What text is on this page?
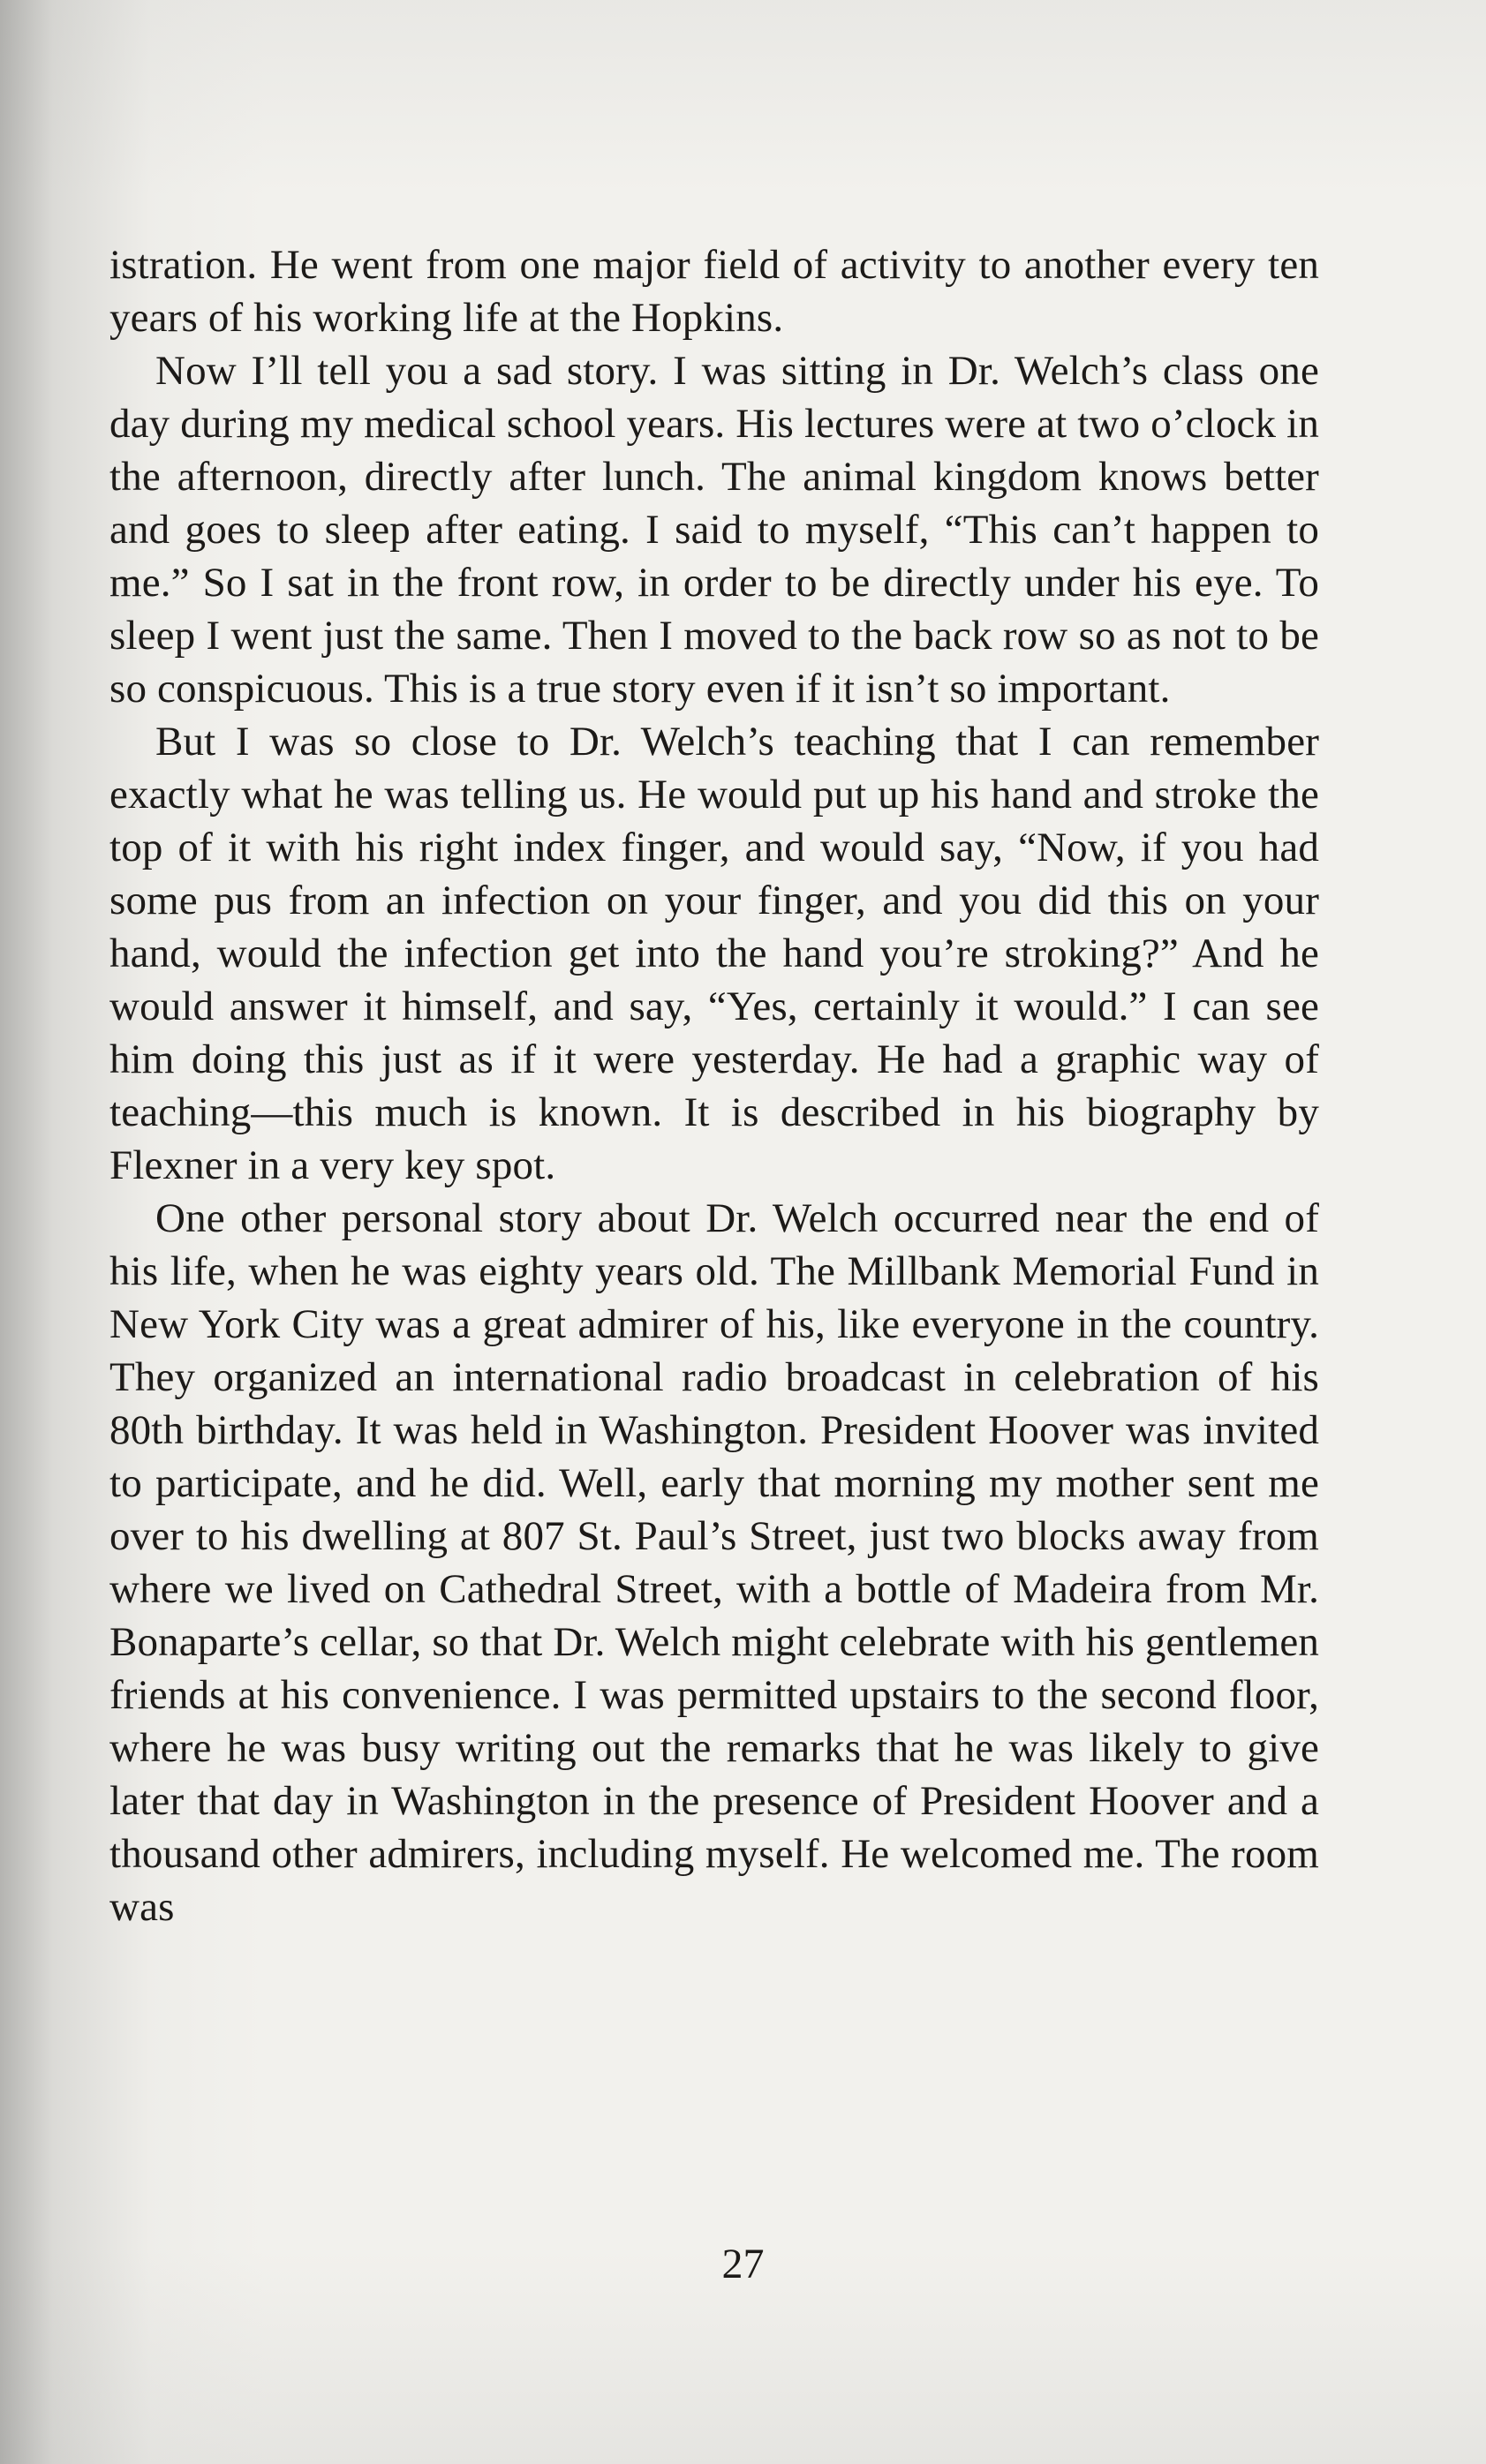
istration. He went from one major field of activity to another every ten years of his working life at the Hopkins.

Now I’ll tell you a sad story. I was sitting in Dr. Welch’s class one day during my medical school years. His lectures were at two o’clock in the afternoon, directly after lunch. The animal kingdom knows better and goes to sleep after eating. I said to myself, “This can’t happen to me.” So I sat in the front row, in order to be directly under his eye. To sleep I went just the same. Then I moved to the back row so as not to be so conspicuous. This is a true story even if it isn’t so important.

But I was so close to Dr. Welch’s teaching that I can remember exactly what he was telling us. He would put up his hand and stroke the top of it with his right index finger, and would say, “Now, if you had some pus from an infection on your finger, and you did this on your hand, would the infection get into the hand you’re stroking?” And he would answer it himself, and say, “Yes, certainly it would.” I can see him doing this just as if it were yesterday. He had a graphic way of teaching—this much is known. It is described in his biography by Flexner in a very key spot.

One other personal story about Dr. Welch occurred near the end of his life, when he was eighty years old. The Millbank Memorial Fund in New York City was a great admirer of his, like everyone in the country. They organized an international radio broadcast in celebration of his 80th birthday. It was held in Washington. President Hoover was invited to participate, and he did. Well, early that morning my mother sent me over to his dwelling at 807 St. Paul’s Street, just two blocks away from where we lived on Cathedral Street, with a bottle of Madeira from Mr. Bonaparte’s cellar, so that Dr. Welch might celebrate with his gentlemen friends at his convenience. I was permitted upstairs to the second floor, where he was busy writing out the remarks that he was likely to give later that day in Washington in the presence of President Hoover and a thousand other admirers, including myself. He welcomed me. The room was

27
